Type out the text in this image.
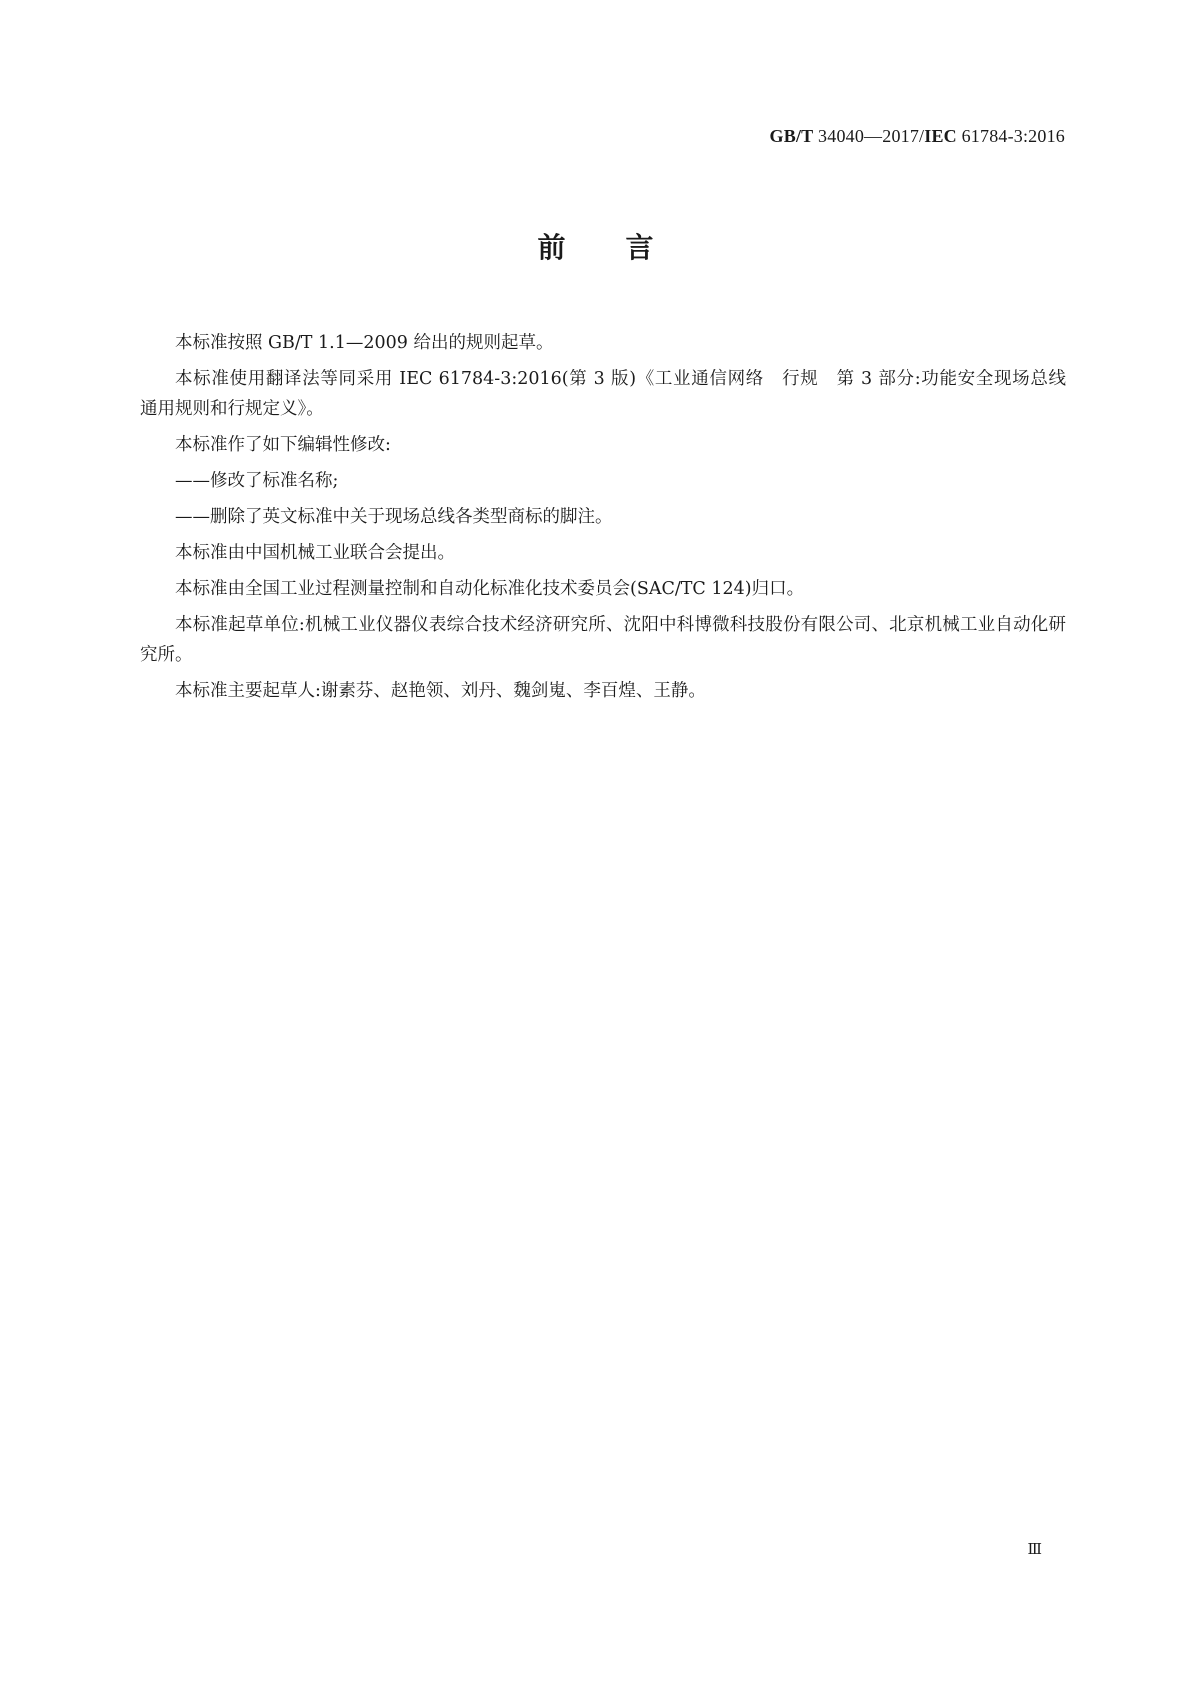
GB/T 34040—2017/IEC 61784-3:2016
前言

本标准按照 GB/T 1.1—2009 给出的规则起草。

本标准使用翻译法等同采用 IEC 61784-3:2016(第 3 版)《工业通信网络　行规　第 3 部分:功能安全现场总线　通用规则和行规定义》。

本标准作了如下编辑性修改:

——修改了标准名称;

——删除了英文标准中关于现场总线各类型商标的脚注。

本标准由中国机械工业联合会提出。

本标准由全国工业过程测量控制和自动化标准化技术委员会(SAC/TC 124)归口。

本标准起草单位:机械工业仪器仪表综合技术经济研究所、沈阳中科博微科技股份有限公司、北京机械工业自动化研究所。

本标准主要起草人:谢素芬、赵艳领、刘丹、魏剑嵬、李百煌、王静。

Ⅲ
